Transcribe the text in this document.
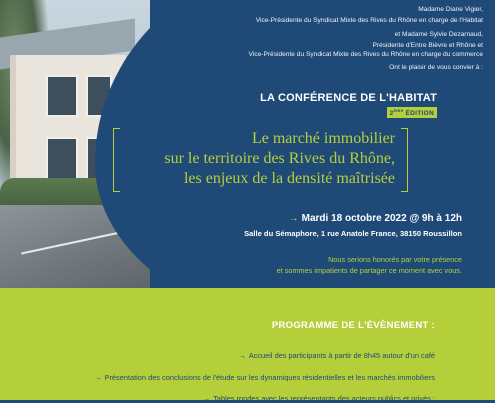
Madame Diane Vigier,

Vice-Présidente du Syndicat Mixte des Rives du Rhône en charge de l'Habitat

et Madame Sylvie Dezarnaud,

Présidente d'Entre Bièvre et Rhône et

Vice-Présidente du Syndicat Mixte des Rives du Rhône en charge du commerce

Ont le plaisir de vous convier à :

LA CONFÉRENCE DE L'HABITAT
2ème ÉDITION
Le marché immobilier
sur le territoire des Rives du Rhône,
les enjeux de la densité maîtrisée
→ Mardi 18 octobre 2022 @ 9h à 12h
Salle du Sémaphore, 1 rue Anatole France, 38150 Roussillon
Nous serions honorés par votre présence
et sommes impatients de partager ce moment avec vous.
PROGRAMME DE L'ÉVÈNEMENT :
→ Accueil des participants à partir de 8h45 autour d'un café
→ Présentation des conclusions de l'étude sur les dynamiques résidentielles et les marchés immobiliers
→ Tables rondes avec les représentants des acteurs publics et privés :
